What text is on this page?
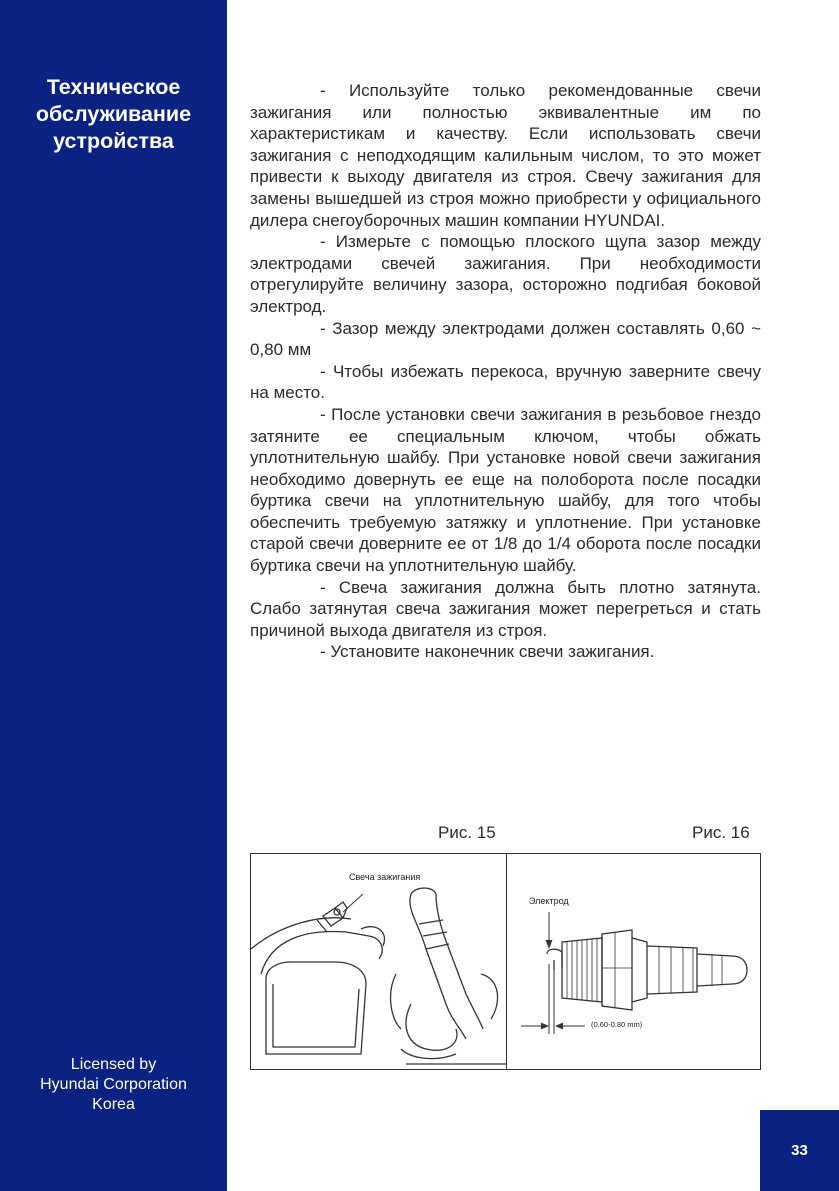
Техническое
обслуживание
устройства
Licensed by
Hyundai Corporation
Korea

- Используйте только рекомендованные свечи зажигания или полностью эквивалентные им по характеристикам и качеству. Если использовать свечи зажигания с неподходящим калильным числом, то это может привести к выходу двигателя из строя. Свечу зажигания для замены вышедшей из строя можно приобрести у официального дилера снегоуборочных машин компании HYUNDAI.

- Измерьте с помощью плоского щупа зазор между электродами свечей зажигания. При необходимости отрегулируйте величину зазора, осторожно подгибая боковой электрод.

- Зазор между электродами должен составлять 0,60 ~ 0,80 мм

- Чтобы избежать перекоса, вручную заверните свечу на место.

- После установки свечи зажигания в резьбовое гнездо затяните ее специальным ключом, чтобы обжать уплотнительную шайбу. При установке новой свечи зажигания необходимо довернуть ее еще на полоборота после посадки буртика свечи на уплотнительную шайбу, для того чтобы обеспечить требуемую затяжку и уплотнение. При установке старой свечи доверните ее от 1/8 до 1/4 оборота после посадки буртика свечи на уплотнительную шайбу.

- Свеча зажигания должна быть плотно затянута. Слабо затянутая свеча зажигания может перегреться и стать причиной выхода двигателя из строя.

- Установите наконечник свечи зажигания.

Рис. 15	Рис. 16
Свеча зажигания
Электрод
(0.60-0.80 mm)
33
